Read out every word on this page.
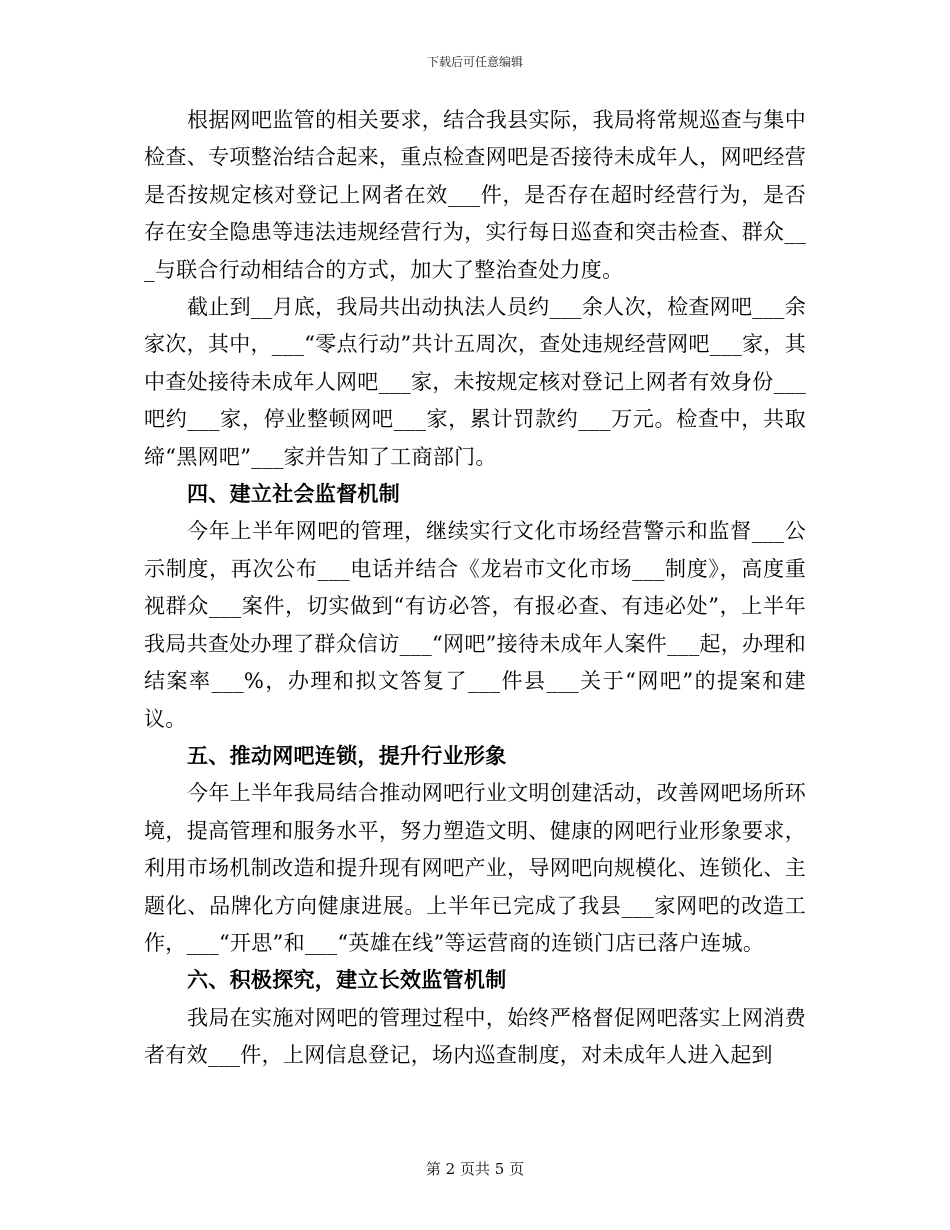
下载后可任意编辑

根据网吧监管的相关要求，结合我县实际，我局将常规巡查与集中检查、专项整治结合起来，重点检查网吧是否接待未成年人，网吧经营是否按规定核对登记上网者在效___件，是否存在超时经营行为，是否存在安全隐患等违法违规经营行为，实行每日巡查和突击检查、群众___与联合行动相结合的方式，加大了整治查处力度。

截止到__月底，我局共出动执法人员约___余人次，检查网吧___余家次，其中，___“零点行动”共计五周次，查处违规经营网吧___家，其中查处接待未成年人网吧___家，未按规定核对登记上网者有效身份___吧约___家，停业整顿网吧___家，累计罚款约___万元。检查中，共取缔“黑网吧”___家并告知了工商部门。

四、建立社会监督机制

今年上半年网吧的管理，继续实行文化市场经营警示和监督___公示制度，再次公布___电话并结合《龙岩市文化市场___制度》，高度重视群众___案件，切实做到“有访必答，有报必查、有违必处”，上半年我局共查处办理了群众信访___“网吧”接待未成年人案件___起，办理和结案率___%，办理和拟文答复了___件县___关于“网吧”的提案和建议。

五、推动网吧连锁，提升行业形象

今年上半年我局结合推动网吧行业文明创建活动，改善网吧场所环境，提高管理和服务水平，努力塑造文明、健康的网吧行业形象要求，利用市场机制改造和提升现有网吧产业，导网吧向规模化、连锁化、主题化、品牌化方向健康进展。上半年已完成了我县___家网吧的改造工作，___“开思”和___“英雄在线”等运营商的连锁门店已落户连城。

六、积极探究，建立长效监管机制

我局在实施对网吧的管理过程中，始终严格督促网吧落实上网消费者有效___件，上网信息登记，场内巡查制度，对未成年人进入起到

第 2 页共 5 页
